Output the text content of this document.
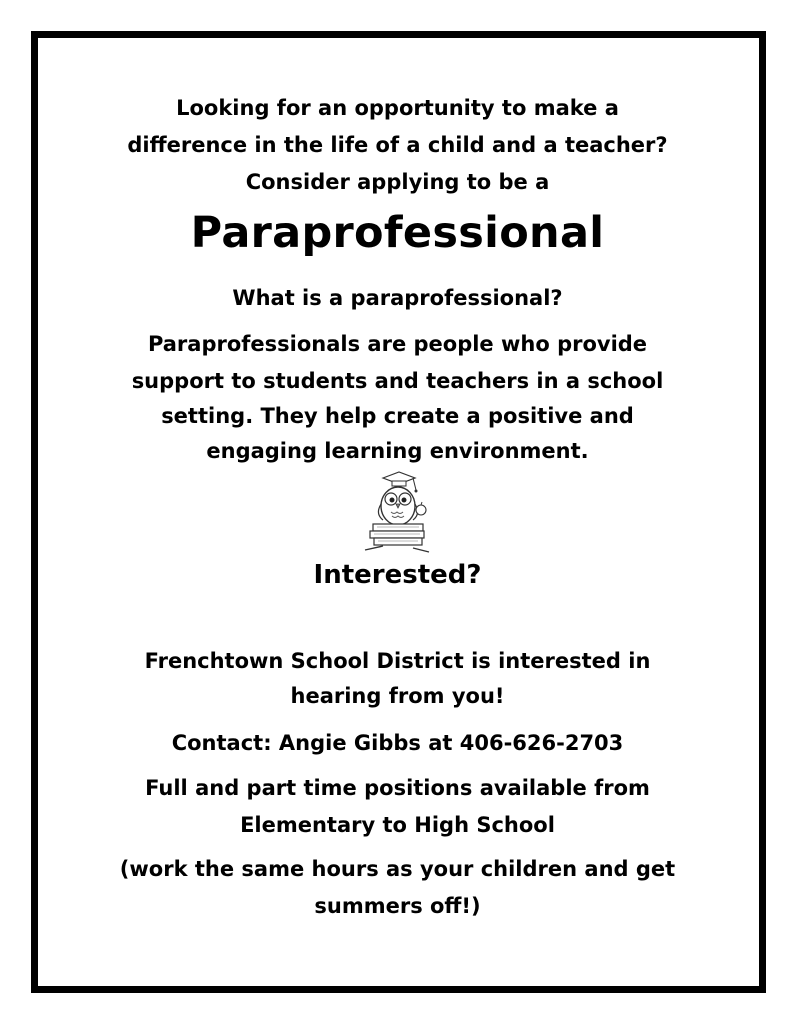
Looking for an opportunity to make a

difference in the life of a child and a teacher?

Consider applying to be a

Paraprofessional

What is a paraprofessional?

Paraprofessionals are people who provide

support to students and teachers in a school

setting. They help create a positive and

engaging learning environment.

Interested?

Frenchtown School District is interested in

hearing from you!

Contact: Angie Gibbs at 406-626-2703

Full and part time positions available from

Elementary to High School

(work the same hours as your children and get

summers off!)
